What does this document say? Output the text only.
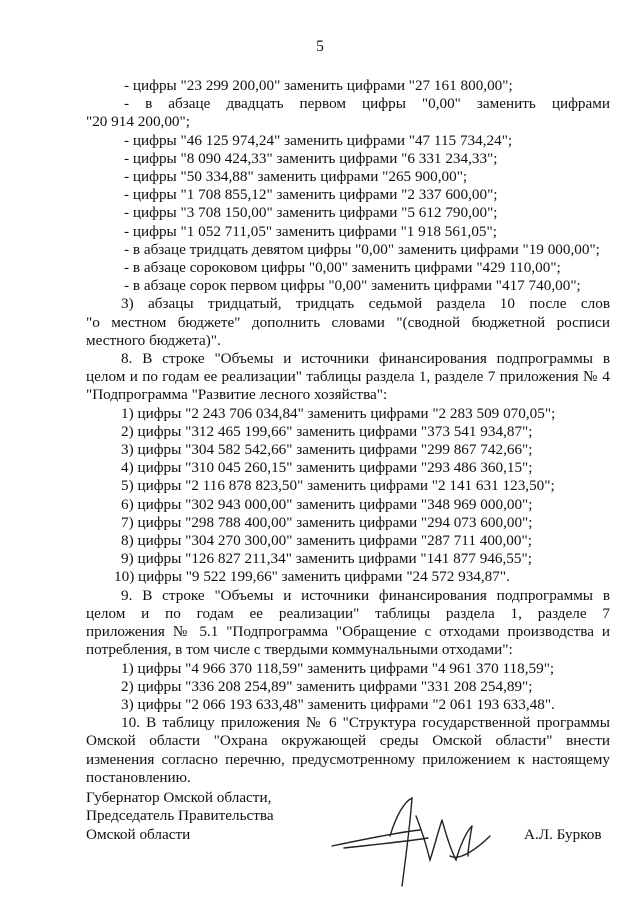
5
- цифры "23 299 200,00" заменить цифрами "27 161 800,00";
- в абзаце двадцать первом цифры "0,00" заменить цифрами
"20 914 200,00";
- цифры "46 125 974,24" заменить цифрами "47 115 734,24";
- цифры "8 090 424,33" заменить цифрами "6 331 234,33";
- цифры "50 334,88" заменить цифрами "265 900,00";
- цифры "1 708 855,12" заменить цифрами "2 337 600,00";
- цифры "3 708 150,00" заменить цифрами "5 612 790,00";
- цифры "1 052 711,05" заменить цифрами "1 918 561,05";
- в абзаце тридцать девятом цифры "0,00" заменить цифрами "19 000,00";
- в абзаце сороковом цифры "0,00" заменить цифрами "429 110,00";
- в абзаце сорок первом цифры "0,00" заменить цифрами "417 740,00";
3) абзацы тридцатый, тридцать седьмой раздела 10 после слов
"о местном бюджете" дополнить словами "(сводной бюджетной росписи
местного бюджета)".
8. В строке "Объемы и источники финансирования подпрограммы в
целом и по годам ее реализации" таблицы раздела 1, разделе 7 приложения № 4
"Подпрограмма "Развитие лесного хозяйства":
1) цифры "2 243 706 034,84" заменить цифрами "2 283 509 070,05";
2) цифры "312 465 199,66" заменить цифрами "373 541 934,87";
3) цифры "304 582 542,66" заменить цифрами "299 867 742,66";
4) цифры "310 045 260,15" заменить цифрами "293 486 360,15";
5) цифры "2 116 878 823,50" заменить цифрами "2 141 631 123,50";
6) цифры "302 943 000,00" заменить цифрами "348 969 000,00";
7) цифры "298 788 400,00" заменить цифрами "294 073 600,00";
8) цифры "304 270 300,00" заменить цифрами "287 711 400,00";
9) цифры "126 827 211,34" заменить цифрами "141 877 946,55";
10) цифры "9 522 199,66" заменить цифрами "24 572 934,87".
9. В строке "Объемы и источники финансирования подпрограммы в
целом и по годам ее реализации" таблицы раздела 1, разделе 7
приложения № 5.1 "Подпрограмма "Обращение с отходами производства и
потребления, в том числе с твердыми коммунальными отходами":
1) цифры "4 966 370 118,59" заменить цифрами "4 961 370 118,59";
2) цифры "336 208 254,89" заменить цифрами "331 208 254,89";
3) цифры "2 066 193 633,48" заменить цифрами "2 061 193 633,48".
10. В таблицу приложения № 6 "Структура государственной программы
Омской области "Охрана окружающей среды Омской области" внести
изменения согласно перечню, предусмотренному приложением к настоящему
постановлению.
Губернатор Омской области,
Председатель Правительства
Омской области	А.Л. Бурков
